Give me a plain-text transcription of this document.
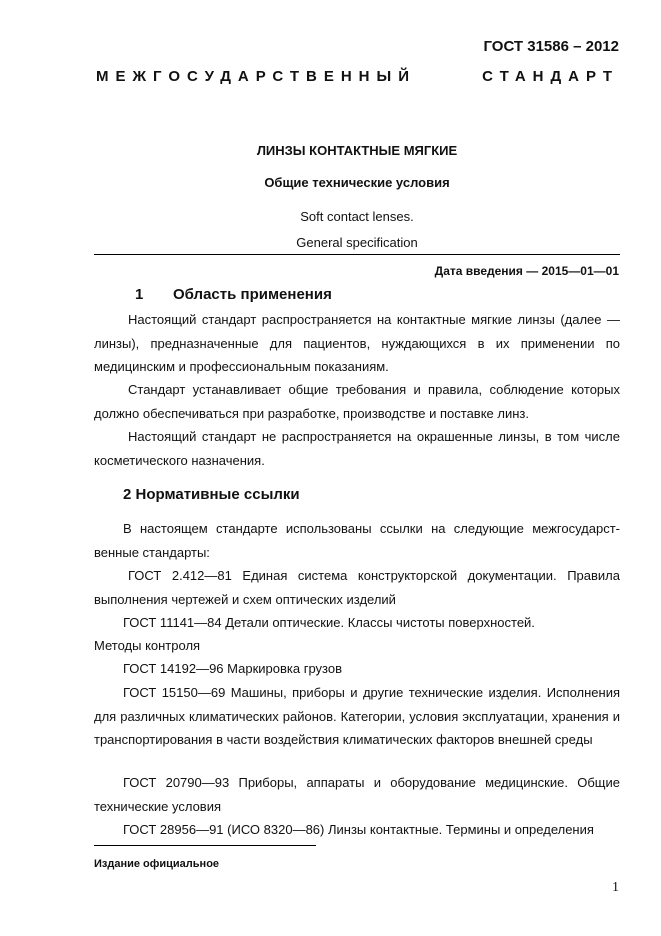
ГОСТ 31586 – 2012
МЕЖГОСУДАРСТВЕННЫЙ	СТАНДАРТ
ЛИНЗЫ КОНТАКТНЫЕ МЯГКИЕ
Общие технические условия
Soft contact lenses.
General specification
Дата введения — 2015—01—01
1 Область применения
Настоящий стандарт распространяется на контактные мягкие линзы (далее — линзы), предназначенные для пациентов, нуждающихся в их применении по медицинским и профессиональным показаниям.
Стандарт устанавливает общие требования и правила, соблюдение которых должно обеспечиваться при разработке, производстве и поставке линз.
Настоящий стандарт не распространяется на окрашенные линзы, в том числе косметического назначения.
2 Нормативные ссылки
В настоящем стандарте использованы ссылки на следующие межгосударст-венные стандарты:
ГОСТ 2.412—81 Единая система конструкторской документации. Правила выполнения чертежей и схем оптических изделий
ГОСТ 11141—84 Детали оптические. Классы чистоты поверхностей.
Методы контроля
ГОСТ 14192—96 Маркировка грузов
ГОСТ 15150—69 Машины, приборы и другие технические изделия. Исполнения для различных климатических районов. Категории, условия эксплуатации, хранения и транспортирования в части воздействия климатических факторов внешней среды
ГОСТ 20790—93 Приборы, аппараты и оборудование медицинские. Общие технические условия
ГОСТ 28956—91 (ИСО 8320—86) Линзы контактные. Термины и определения
Издание официальное
1
